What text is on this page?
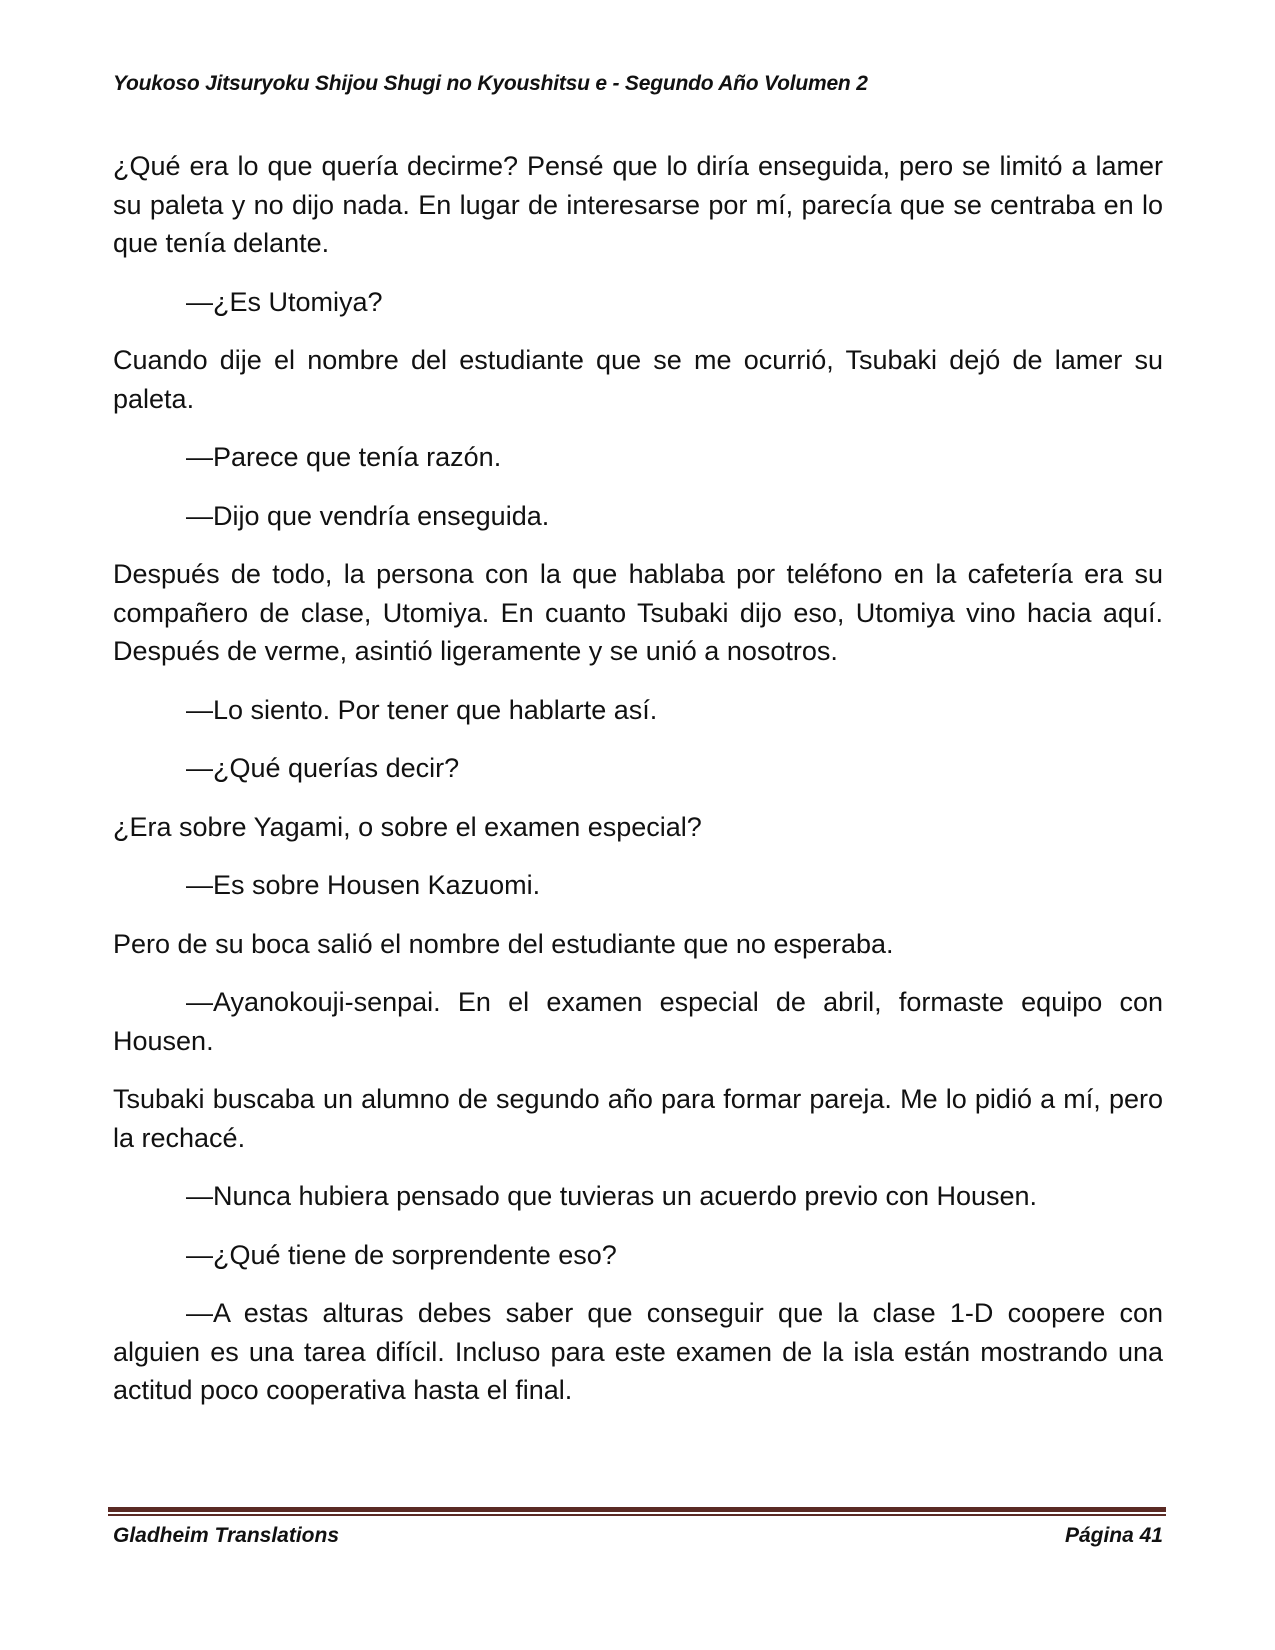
Youkoso Jitsuryoku Shijou Shugi no Kyoushitsu e - Segundo Año Volumen 2

¿Qué era lo que quería decirme? Pensé que lo diría enseguida, pero se limitó a lamer su paleta y no dijo nada. En lugar de interesarse por mí, parecía que se centraba en lo que tenía delante.

—¿Es Utomiya?

Cuando dije el nombre del estudiante que se me ocurrió, Tsubaki dejó de lamer su paleta.

—Parece que tenía razón.

—Dijo que vendría enseguida.

Después de todo, la persona con la que hablaba por teléfono en la cafetería era su compañero de clase, Utomiya. En cuanto Tsubaki dijo eso, Utomiya vino hacia aquí. Después de verme, asintió ligeramente y se unió a nosotros.

—Lo siento. Por tener que hablarte así.

—¿Qué querías decir?

¿Era sobre Yagami, o sobre el examen especial?

—Es sobre Housen Kazuomi.

Pero de su boca salió el nombre del estudiante que no esperaba.

—Ayanokouji-senpai. En el examen especial de abril, formaste equipo con Housen.

Tsubaki buscaba un alumno de segundo año para formar pareja. Me lo pidió a mí, pero la rechacé.

—Nunca hubiera pensado que tuvieras un acuerdo previo con Housen.

—¿Qué tiene de sorprendente eso?

—A estas alturas debes saber que conseguir que la clase 1-D coopere con alguien es una tarea difícil. Incluso para este examen de la isla están mostrando una actitud poco cooperativa hasta el final.

Gladheim Translations	Página 41
